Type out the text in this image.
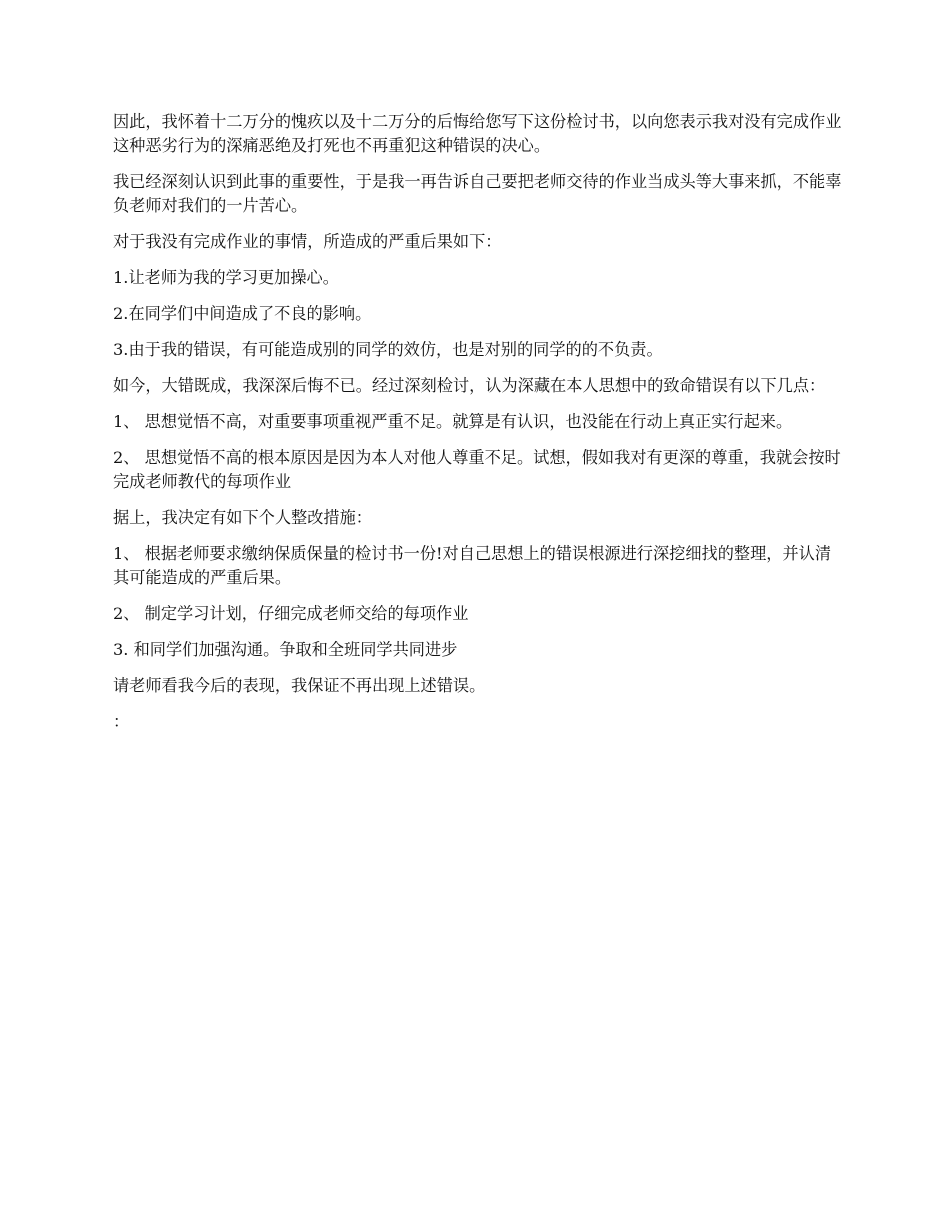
因此，我怀着十二万分的愧疚以及十二万分的后悔给您写下这份检讨书，以向您表示我对没有完成作业这种恶劣行为的深痛恶绝及打死也不再重犯这种错误的决心。

我已经深刻认识到此事的重要性，于是我一再告诉自己要把老师交待的作业当成头等大事来抓，不能辜负老师对我们的一片苦心。

对于我没有完成作业的事情，所造成的严重后果如下：

1.让老师为我的学习更加操心。

2.在同学们中间造成了不良的影响。

3.由于我的错误，有可能造成别的同学的效仿，也是对别的同学的的不负责。

如今，大错既成，我深深后悔不已。经过深刻检讨，认为深藏在本人思想中的致命错误有以下几点：

1、 思想觉悟不高，对重要事项重视严重不足。就算是有认识，也没能在行动上真正实行起来。

2、 思想觉悟不高的根本原因是因为本人对他人尊重不足。试想，假如我对有更深的尊重，我就会按时完成老师教代的每项作业

据上，我决定有如下个人整改措施：

1、 根据老师要求缴纳保质保量的检讨书一份!对自己思想上的错误根源进行深挖细找的整理，并认清其可能造成的严重后果。

2、 制定学习计划，仔细完成老师交给的每项作业

3. 和同学们加强沟通。争取和全班同学共同进步

请老师看我今后的表现，我保证不再出现上述错误。

：
